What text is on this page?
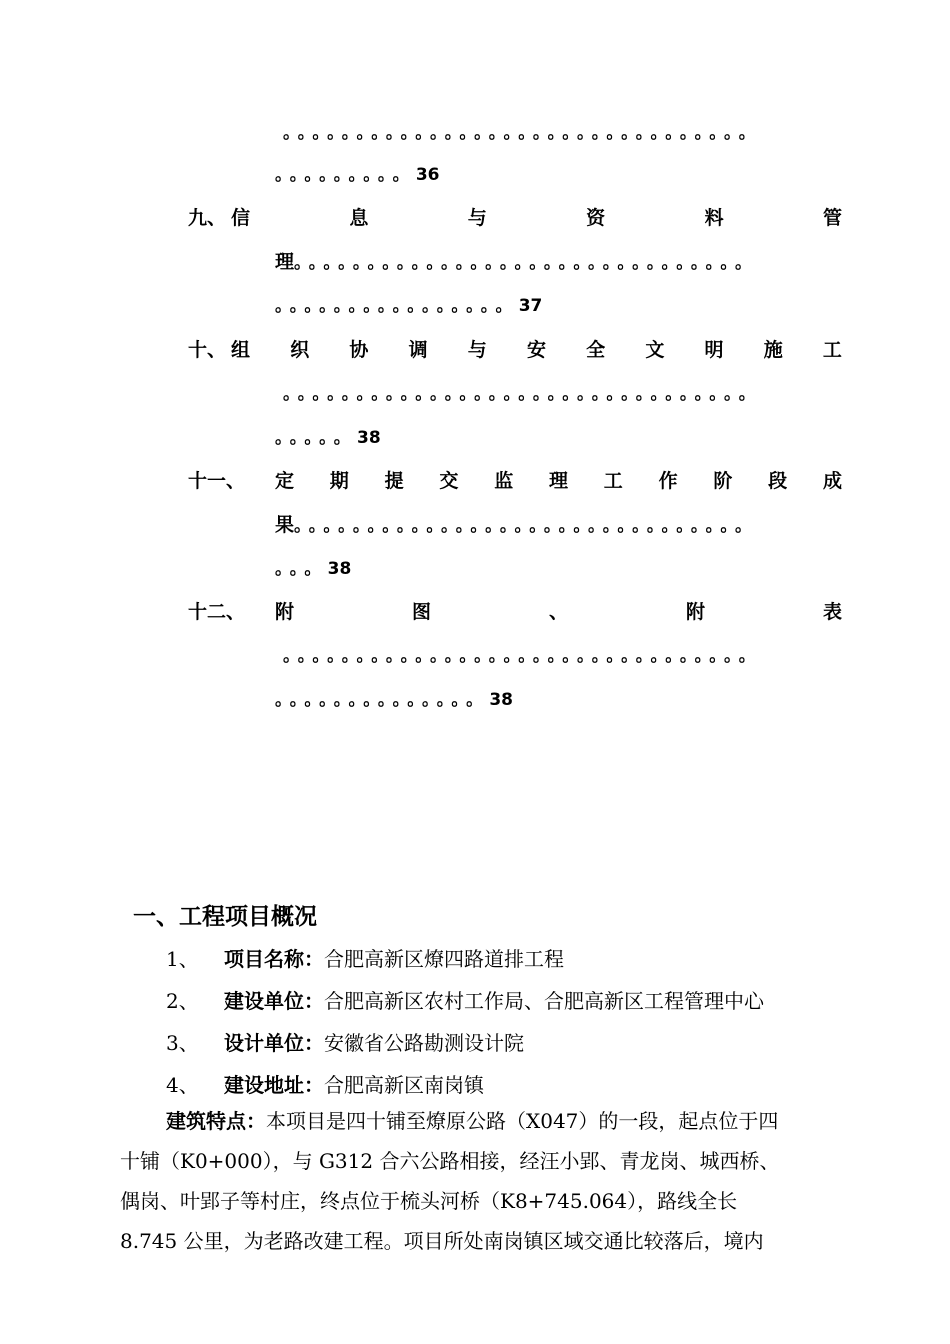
。。。。。。。。。。。。。。。。。。。。。。。。。。。。。。。。
。。。。。。。。。36
九、 信	息	与	资	料	管
理。。。。。。。。。。。。。。。。。。。。。。。。。。。。。。。
。。。。。。。。。。。。。。。。37
十、 组 织 协 调 与 安 全 文 明 施 工
。。。。。。。。。。。。。。。。。。。。。。。。。。。。。。。。
。。。。。38
十一、 定 期 提 交 监 理 工 作 阶 段 成
果。。。。。。。。。。。。。。。。。。。。。。。。。。。。。。。
。。。38
十二、 附	图	、	附	表
。。。。。。。。。。。。。。。。。。。。。。。。。。。。。。。。
。。。。。。。。。。。。。。38
一、工程项目概况
1、 项目名称：合肥高新区燎四路道排工程
2、 建设单位：合肥高新区农村工作局、合肥高新区工程管理中心
3、 设计单位：安徽省公路勘测设计院
4、 建设地址：合肥高新区南岗镇
建筑特点：本项目是四十铺至燎原公路（X047）的一段，起点位于四
十铺（K0+000），与 G312 合六公路相接，经汪小郢、青龙岗、城西桥、
偶岗、叶郢子等村庄，终点位于梳头河桥（K8+745.064），路线全长
8.745 公里，为老路改建工程。项目所处南岗镇区域交通比较落后，境内
